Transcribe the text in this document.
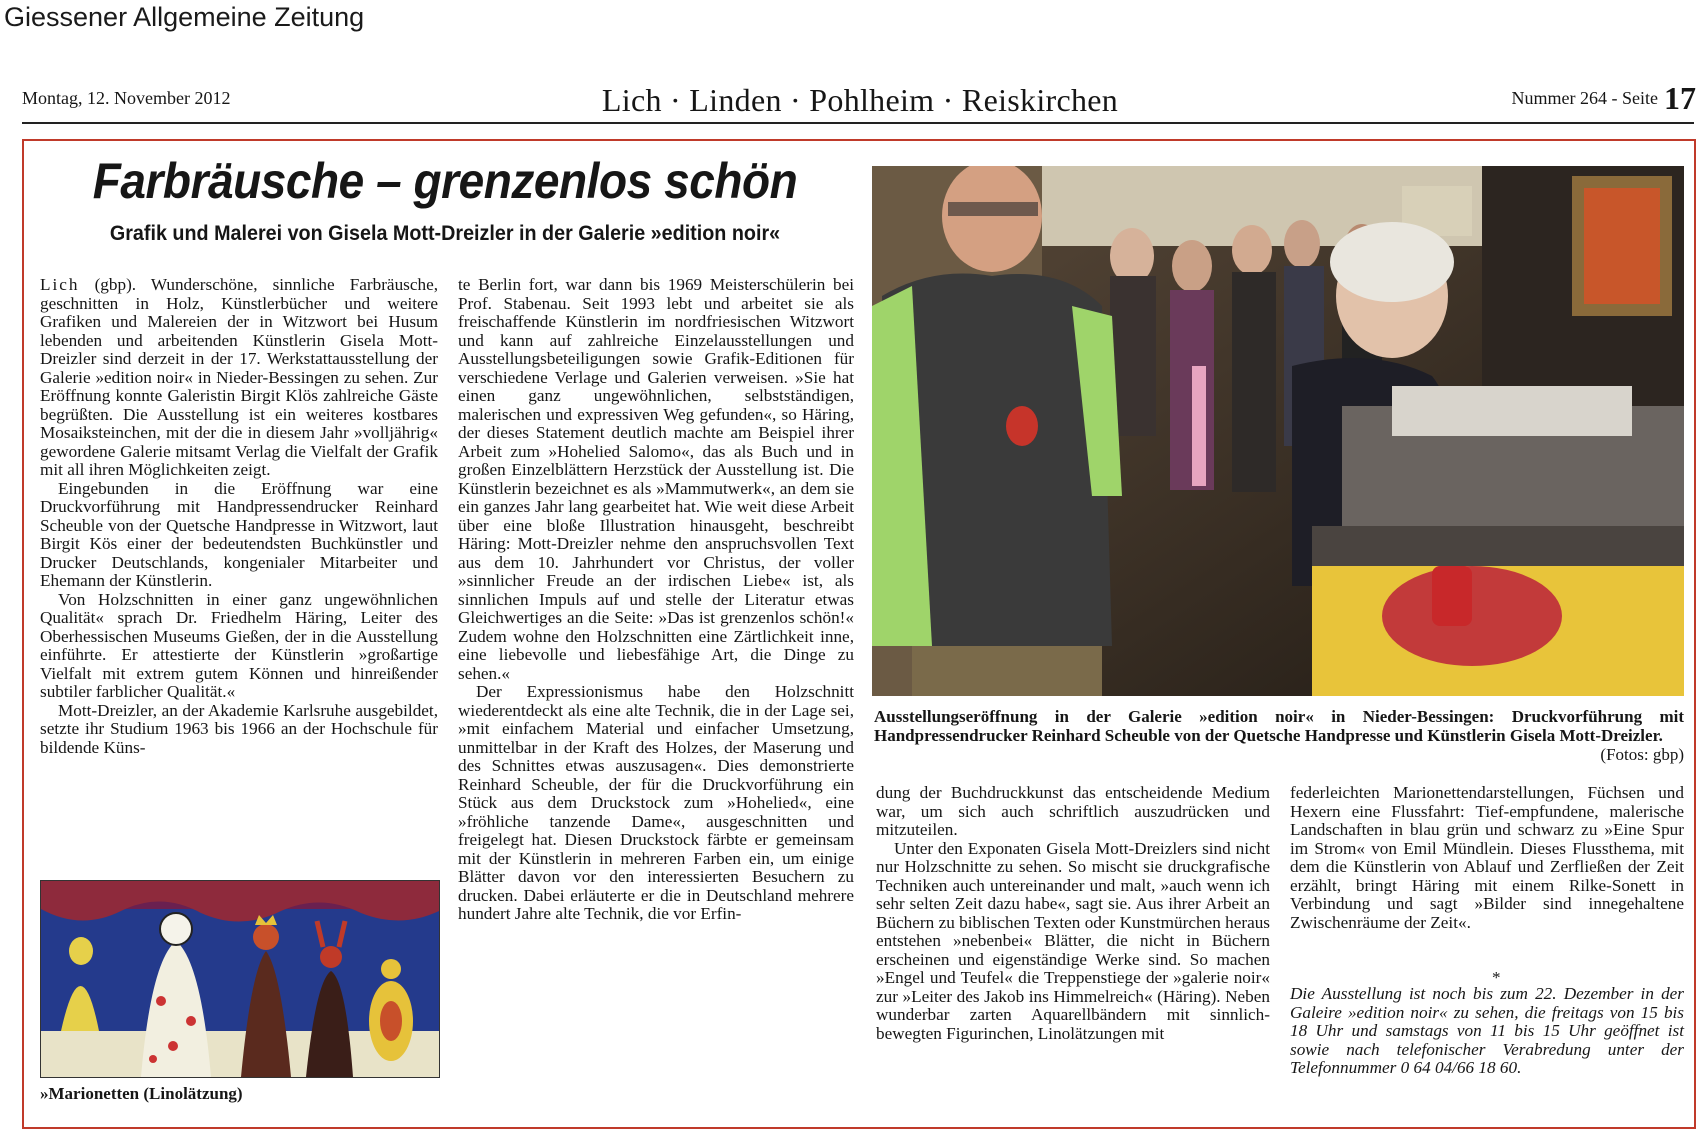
Giessener Allgemeine Zeitung
Montag, 12. November 2012	Lich · Linden · Pohlheim · Reiskirchen	Nummer 264 - Seite 17
Farbräusche – grenzenlos schön
Grafik und Malerei von Gisela Mott-Dreizler in der Galerie »edition noir«

Lich (gbp). Wunderschöne, sinnliche Farbräusche, geschnitten in Holz, Künstlerbücher und weitere Grafiken und Malereien der in Witzwort bei Husum lebenden und arbeitenden Künstlerin Gisela Mott-Dreizler sind derzeit in der 17. Werkstattausstellung der Galerie »edition noir« in Nieder-Bessingen zu sehen. Zur Eröffnung konnte Galeristin Birgit Klös zahlreiche Gäste begrüßten. Die Ausstellung ist ein weiteres kostbares Mosaiksteinchen, mit der die in diesem Jahr »volljährig« gewordene Galerie mitsamt Verlag die Vielfalt der Grafik mit all ihren Möglichkeiten zeigt.

Eingebunden in die Eröffnung war eine Druckvorführung mit Handpressendrucker Reinhard Scheuble von der Quetsche Handpresse in Witzwort, laut Birgit Kös einer der bedeutendsten Buchkünstler und Drucker Deutschlands, kongenialer Mitarbeiter und Ehemann der Künstlerin.

Von Holzschnitten in einer ganz ungewöhnlichen Qualität« sprach Dr. Friedhelm Häring, Leiter des Oberhessischen Museums Gießen, der in die Ausstellung einführte. Er attestierte der Künstlerin »großartige Vielfalt mit extrem gutem Können und hinreißender subtiler farblicher Qualität.«

Mott-Dreizler, an der Akademie Karlsruhe ausgebildet, setzte ihr Studium 1963 bis 1966 an der Hochschule für bildende Küns-

»Marionetten (Linolätzung)

te Berlin fort, war dann bis 1969 Meisterschülerin bei Prof. Stabenau. Seit 1993 lebt und arbeitet sie als freischaffende Künstlerin im nordfriesischen Witzwort und kann auf zahlreiche Einzelausstellungen und Ausstellungsbeteiligungen sowie Grafik-Editionen für verschiedene Verlage und Galerien verweisen. »Sie hat einen ganz ungewöhnlichen, selbstständigen, malerischen und expressiven Weg gefunden«, so Häring, der dieses Statement deutlich machte am Beispiel ihrer Arbeit zum »Hohelied Salomo«, das als Buch und in großen Einzelblättern Herzstück der Ausstellung ist. Die Künstlerin bezeichnet es als »Mammutwerk«, an dem sie ein ganzes Jahr lang gearbeitet hat. Wie weit diese Arbeit über eine bloße Illustration hinausgeht, beschreibt Häring: Mott-Dreizler nehme den anspruchsvollen Text aus dem 10. Jahrhundert vor Christus, der voller »sinnlicher Freude an der irdischen Liebe« ist, als sinnlichen Impuls auf und stelle der Literatur etwas Gleichwertiges an die Seite: »Das ist grenzenlos schön!« Zudem wohne den Holzschnitten eine Zärtlichkeit inne, eine liebevolle und liebesfähige Art, die Dinge zu sehen.«

Der Expressionismus habe den Holzschnitt wiederentdeckt als eine alte Technik, die in der Lage sei, »mit einfachem Material und einfacher Umsetzung, unmittelbar in der Kraft des Holzes, der Maserung und des Schnittes etwas auszusagen«. Dies demonstrierte Reinhard Scheuble, der für die Druckvorführung ein Stück aus dem Druckstock zum »Hohelied«, eine »fröhliche tanzende Dame«, ausgeschnitten und freigelegt hat. Diesen Druckstock färbte er gemeinsam mit der Künstlerin in mehreren Farben ein, um einige Blätter davon vor den interessierten Besuchern zu drucken. Dabei erläuterte er die in Deutschland mehrere hundert Jahre alte Technik, die vor Erfin-

Ausstellungseröffnung in der Galerie »edition noir« in Nieder-Bessingen: Druckvorführung mit Handpressendrucker Reinhard Scheuble von der Quetsche Handpresse und Künstlerin Gisela Mott-Dreizler.
(Fotos: gbp)

dung der Buchdruckkunst das entscheidende Medium war, um sich auch schriftlich auszudrücken und mitzuteilen.

Unter den Exponaten Gisela Mott-Dreizlers sind nicht nur Holzschnitte zu sehen. So mischt sie druckgrafische Techniken auch untereinander und malt, »auch wenn ich sehr selten Zeit dazu habe«, sagt sie. Aus ihrer Arbeit an Büchern zu biblischen Texten oder Kunstmürchen heraus entstehen »nebenbei« Blätter, die nicht in Büchern erscheinen und eigenständige Werke sind. So machen »Engel und Teufel« die Treppenstiege der »galerie noir« zur »Leiter des Jakob ins Himmelreich« (Häring). Neben wunderbar zarten Aquarellbändern mit sinnlich-bewegten Figurinchen, Linolätzungen mit

federleichten Marionettendarstellungen, Füchsen und Hexern eine Flussfahrt: Tief-empfundene, malerische Landschaften in blau grün und schwarz zu »Eine Spur im Strom« von Emil Mündlein. Dieses Flussthema, mit dem die Künstlerin von Ablauf und Zerfließen der Zeit erzählt, bringt Häring mit einem Rilke-Sonett in Verbindung und sagt »Bilder sind innegehaltene Zwischenräume der Zeit«.

*
Die Ausstellung ist noch bis zum 22. Dezember in der Galeire »edition noir« zu sehen, die freitags von 15 bis 18 Uhr und samstags von 11 bis 15 Uhr geöffnet ist sowie nach telefonischer Verabredung unter der Telefonnummer 0 64 04/66 18 60.
